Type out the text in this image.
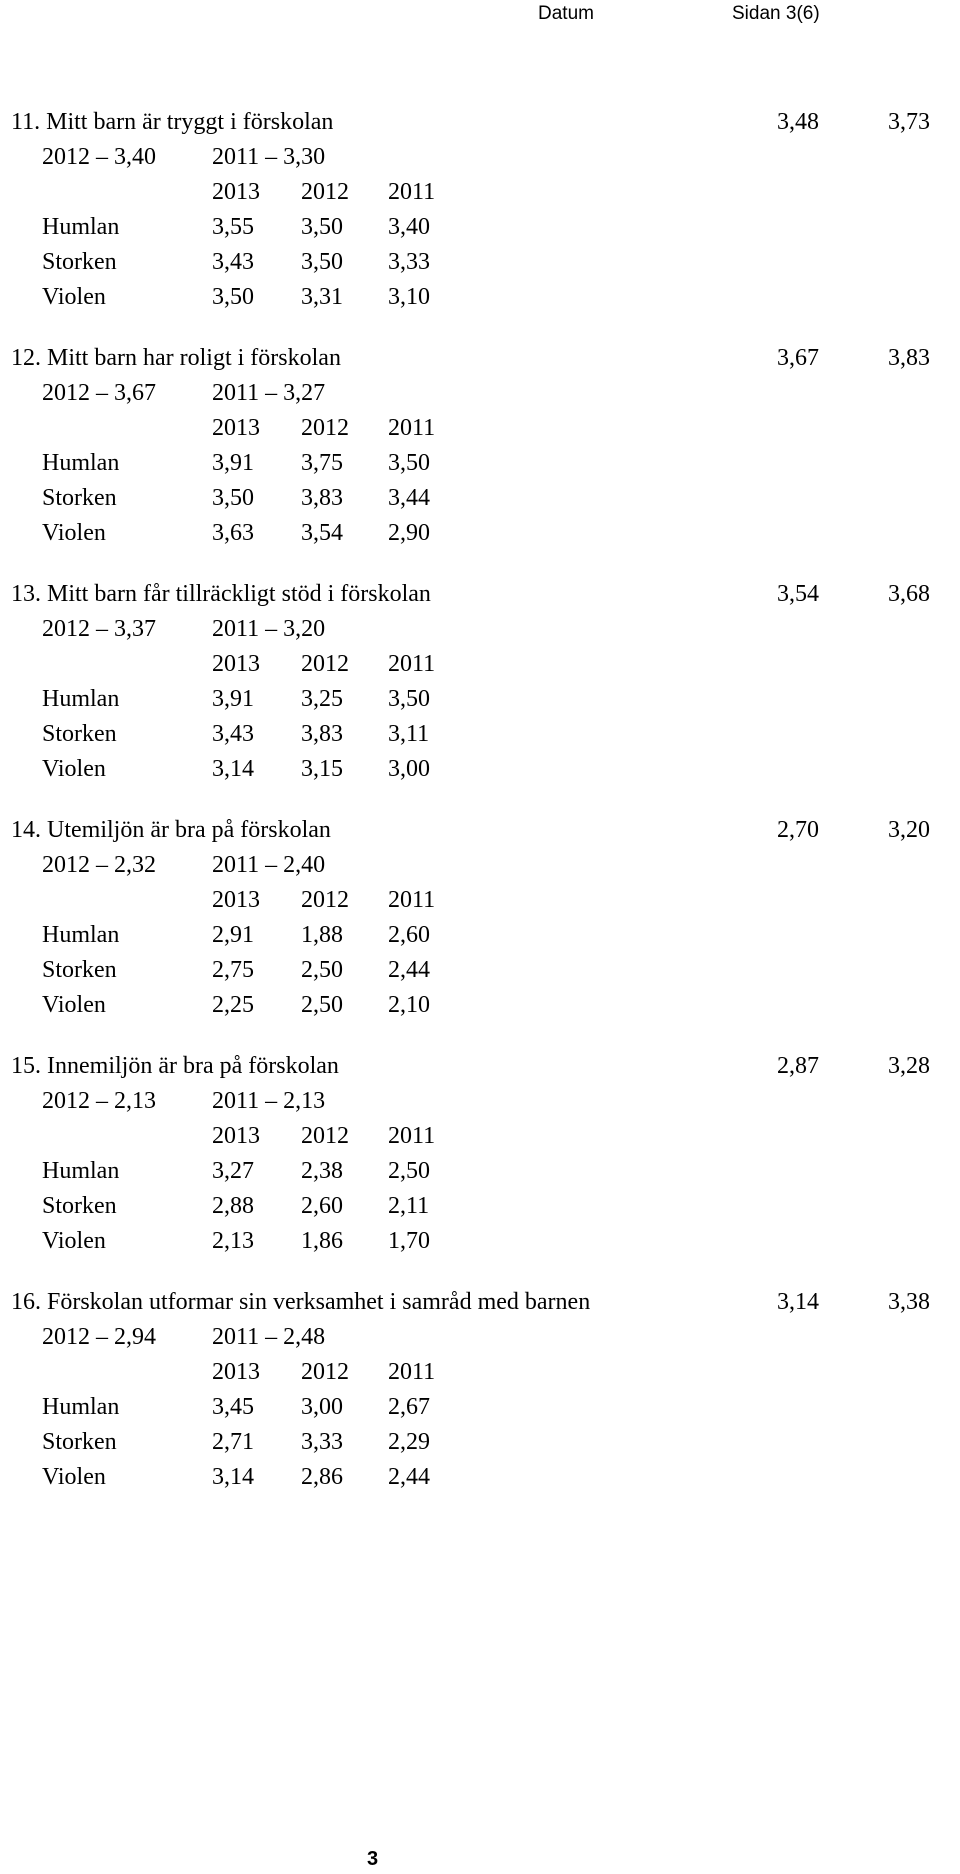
Datum	Sidan 3(6)
11. Mitt barn är tryggt i förskolan	3,48	3,73
2012 – 3,40 2011 – 3,30
2013 2012 2011
Humlan	3,55 3,50 3,40
Storken	3,43 3,50 3,33
Violen	3,50 3,31 3,10
12. Mitt barn har roligt i förskolan	3,67	3,83
2012 – 3,67 2011 – 3,27
2013 2012 2011
Humlan	3,91 3,75 3,50
Storken	3,50 3,83 3,44
Violen	3,63 3,54 2,90
13. Mitt barn får tillräckligt stöd i förskolan	3,54	3,68
2012 – 3,37 2011 – 3,20
2013 2012 2011
Humlan	3,91 3,25 3,50
Storken	3,43 3,83 3,11
Violen	3,14 3,15 3,00
14. Utemiljön är bra på förskolan	2,70	3,20
2012 – 2,32 2011 – 2,40
2013 2012 2011
Humlan	2,91 1,88 2,60
Storken	2,75 2,50 2,44
Violen	2,25 2,50 2,10
15. Innemiljön är bra på förskolan	2,87	3,28
2012 – 2,13 2011 – 2,13
2013 2012 2011
Humlan	3,27 2,38 2,50
Storken	2,88 2,60 2,11
Violen	2,13 1,86 1,70
16. Förskolan utformar sin verksamhet i samråd med barnen	3,14	3,38
2012 – 2,94 2011 – 2,48
2013 2012 2011
Humlan	3,45 3,00 2,67
Storken	2,71 3,33 2,29
Violen	3,14 2,86 2,44
3
